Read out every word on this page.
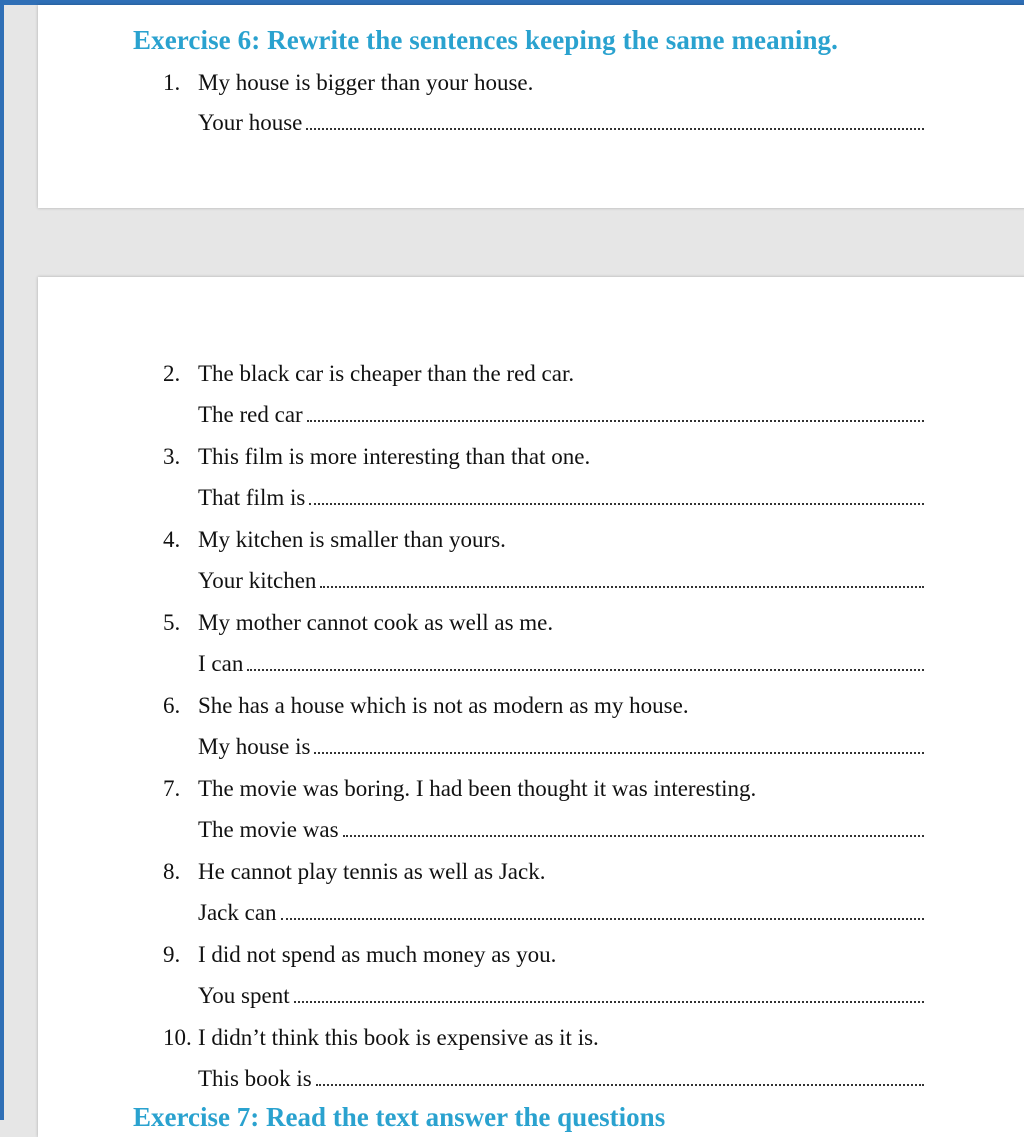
Exercise 6: Rewrite the sentences keeping the same meaning.
1. My house is bigger than your house.
Your house
2. The black car is cheaper than the red car.
The red car
3. This film is more interesting than that one.
That film is
4. My kitchen is smaller than yours.
Your kitchen
5. My mother cannot cook as well as me.
I can
6. She has a house which is not as modern as my house.
My house is
7. The movie was boring. I had been thought it was interesting.
The movie was
8. He cannot play tennis as well as Jack.
Jack can
9. I did not spend as much money as you.
You spent
10. I didn’t think this book is expensive as it is.
This book is
Exercise 7: Read the text answer the questions
